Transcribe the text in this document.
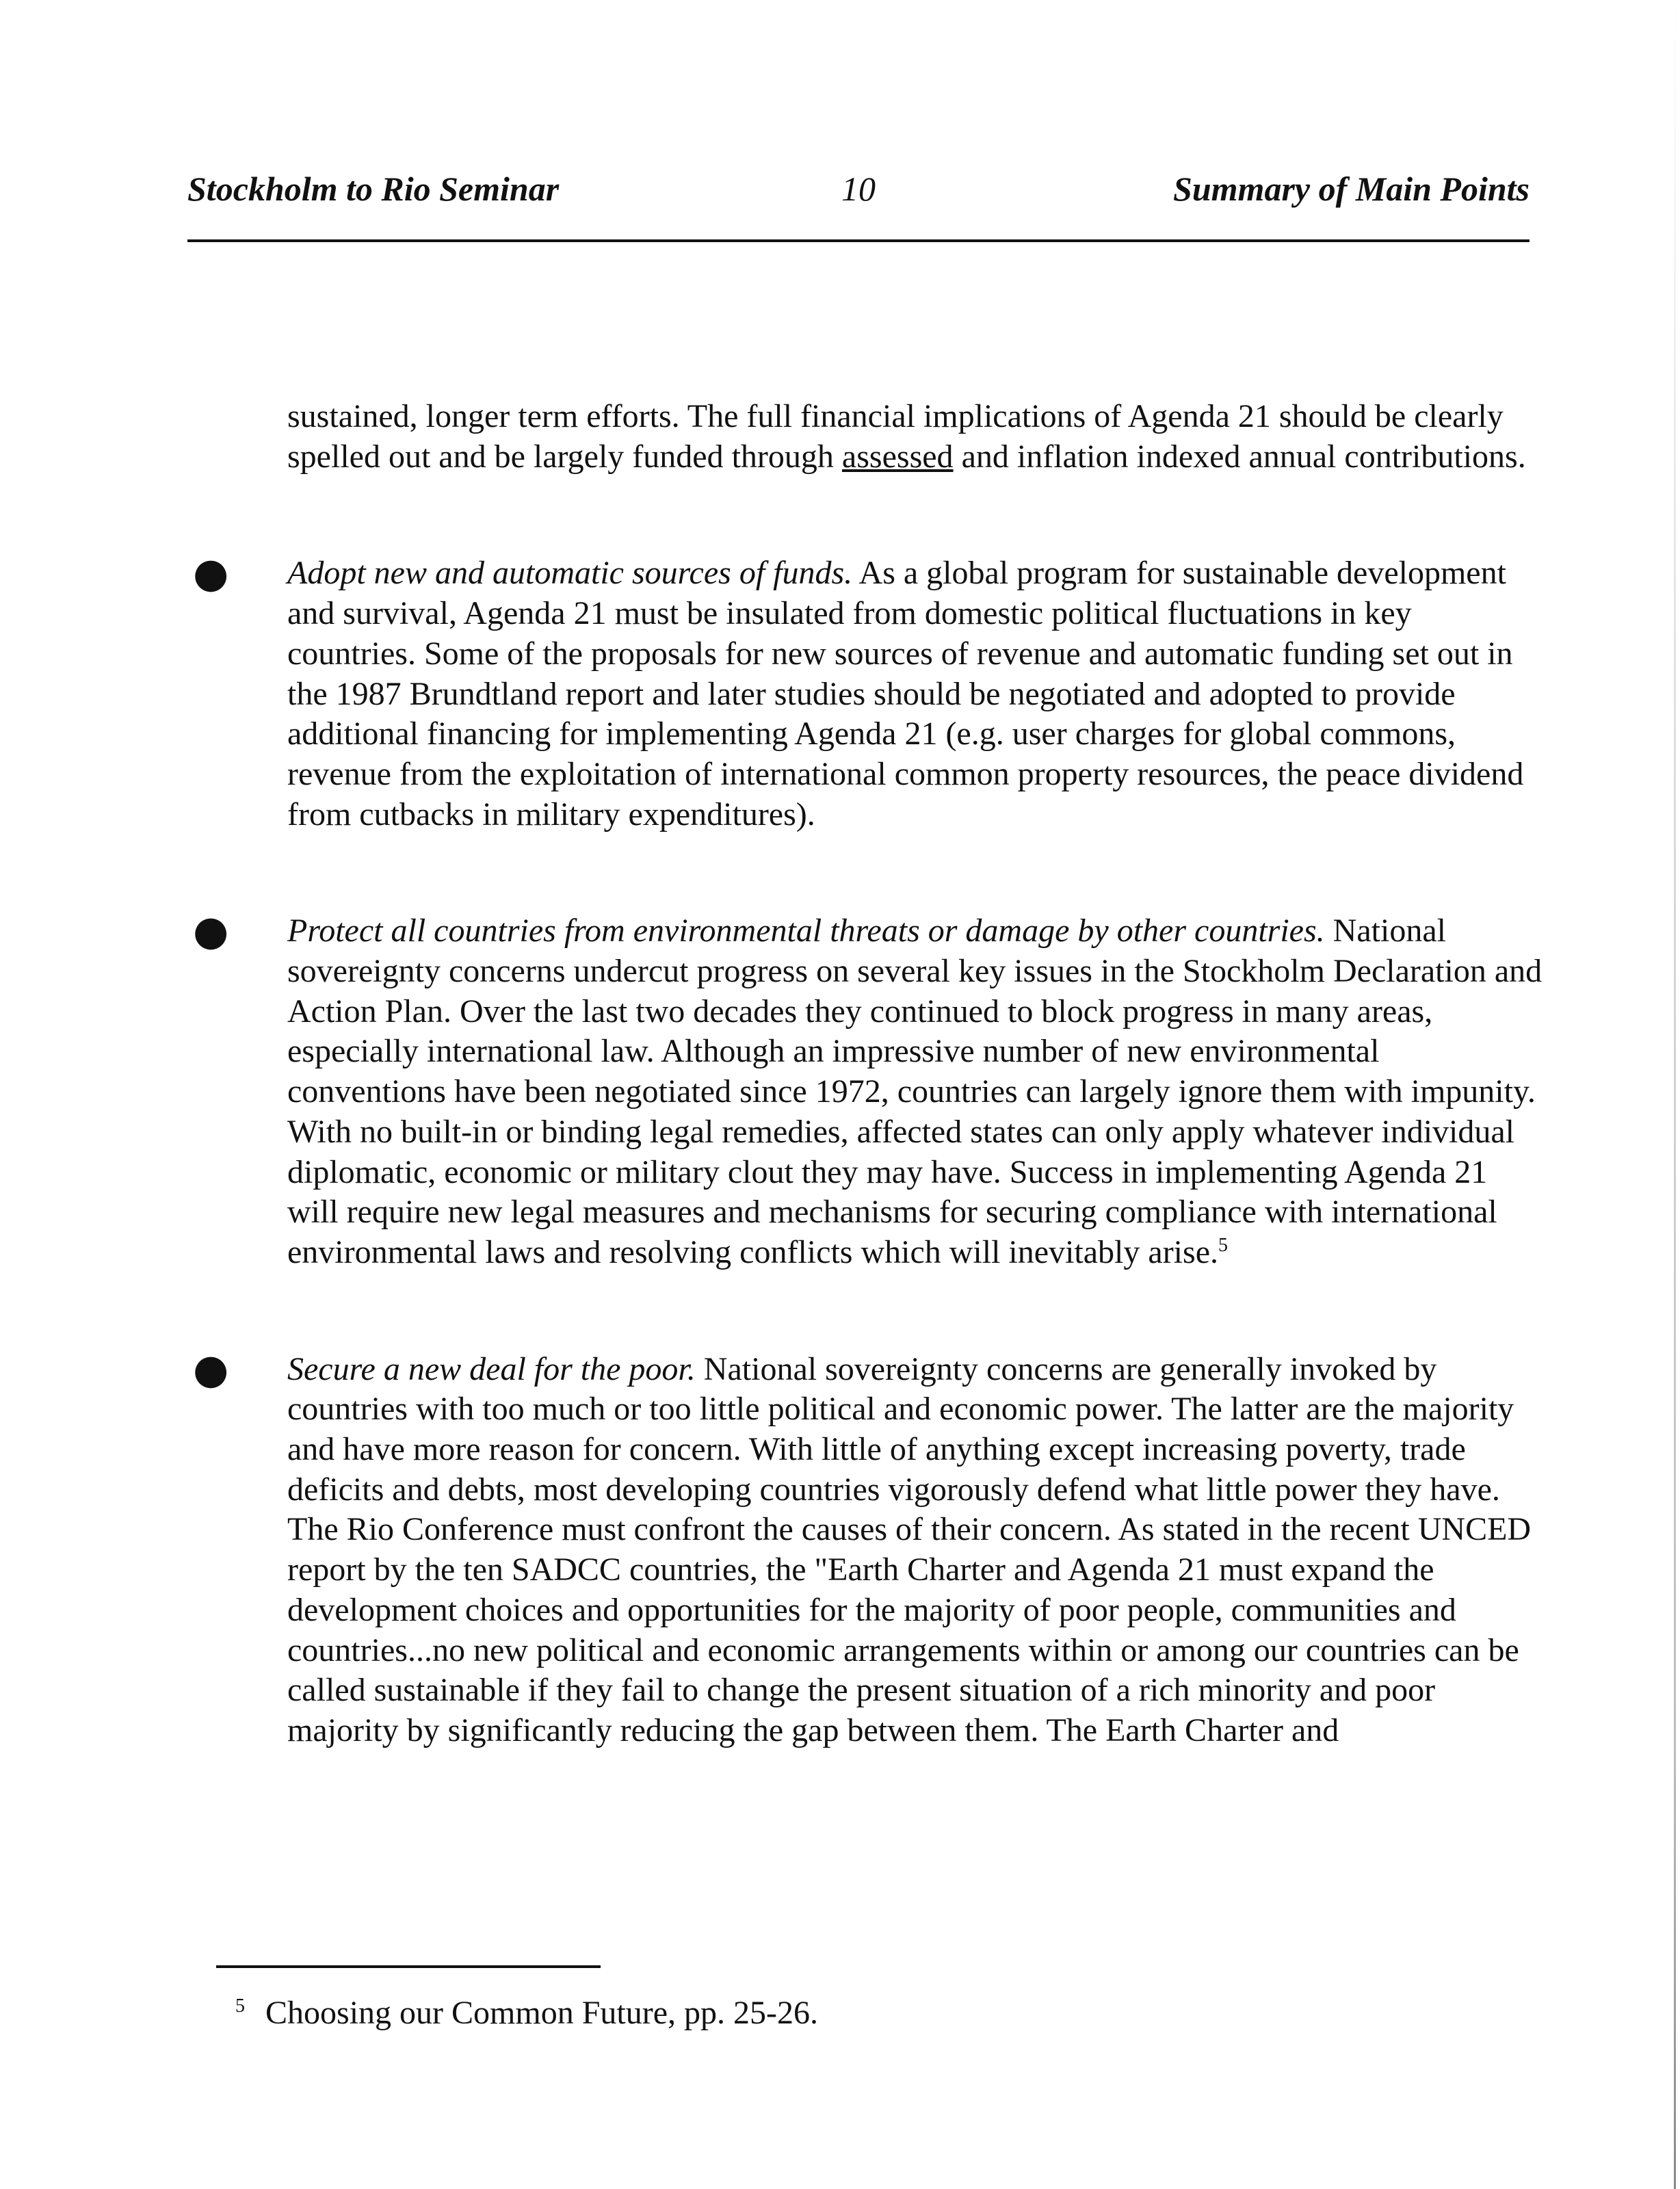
10
Stockholm to Rio Seminar	Summary of Main Points

sustained, longer term efforts. The full financial implications of Agenda 21 should be clearly spelled out and be largely funded through assessed and inflation indexed annual contributions.

● Adopt new and automatic sources of funds. As a global program for sustainable development and survival, Agenda 21 must be insulated from domestic political fluctuations in key countries. Some of the proposals for new sources of revenue and automatic funding set out in the 1987 Brundtland report and later studies should be negotiated and adopted to provide additional financing for implementing Agenda 21 (e.g. user charges for global commons, revenue from the exploitation of international common property resources, the peace dividend from cutbacks in military expenditures).

● Protect all countries from environmental threats or damage by other countries. National sovereignty concerns undercut progress on several key issues in the Stockholm Declaration and Action Plan. Over the last two decades they continued to block progress in many areas, especially international law. Although an impressive number of new environmental conventions have been negotiated since 1972, countries can largely ignore them with impunity. With no built-in or binding legal remedies, affected states can only apply whatever individual diplomatic, economic or military clout they may have. Success in implementing Agenda 21 will require new legal measures and mechanisms for securing compliance with international environmental laws and resolving conflicts which will inevitably arise.$^5$

● Secure a new deal for the poor. National sovereignty concerns are generally invoked by countries with too much or too little political and economic power. The latter are the majority and have more reason for concern. With little of anything except increasing poverty, trade deficits and debts, most developing countries vigorously defend what little power they have. The Rio Conference must confront the causes of their concern. As stated in the recent UNCED report by the ten SADCC countries, the "Earth Charter and Agenda 21 must expand the development choices and opportunities for the majority of poor people, communities and countries...no new political and economic arrangements within or among our countries can be called sustainable if they fail to change the present situation of a rich minority and poor majority by significantly reducing the gap between them. The Earth Charter and

$^5$ Choosing our Common Future, pp. 25-26.
